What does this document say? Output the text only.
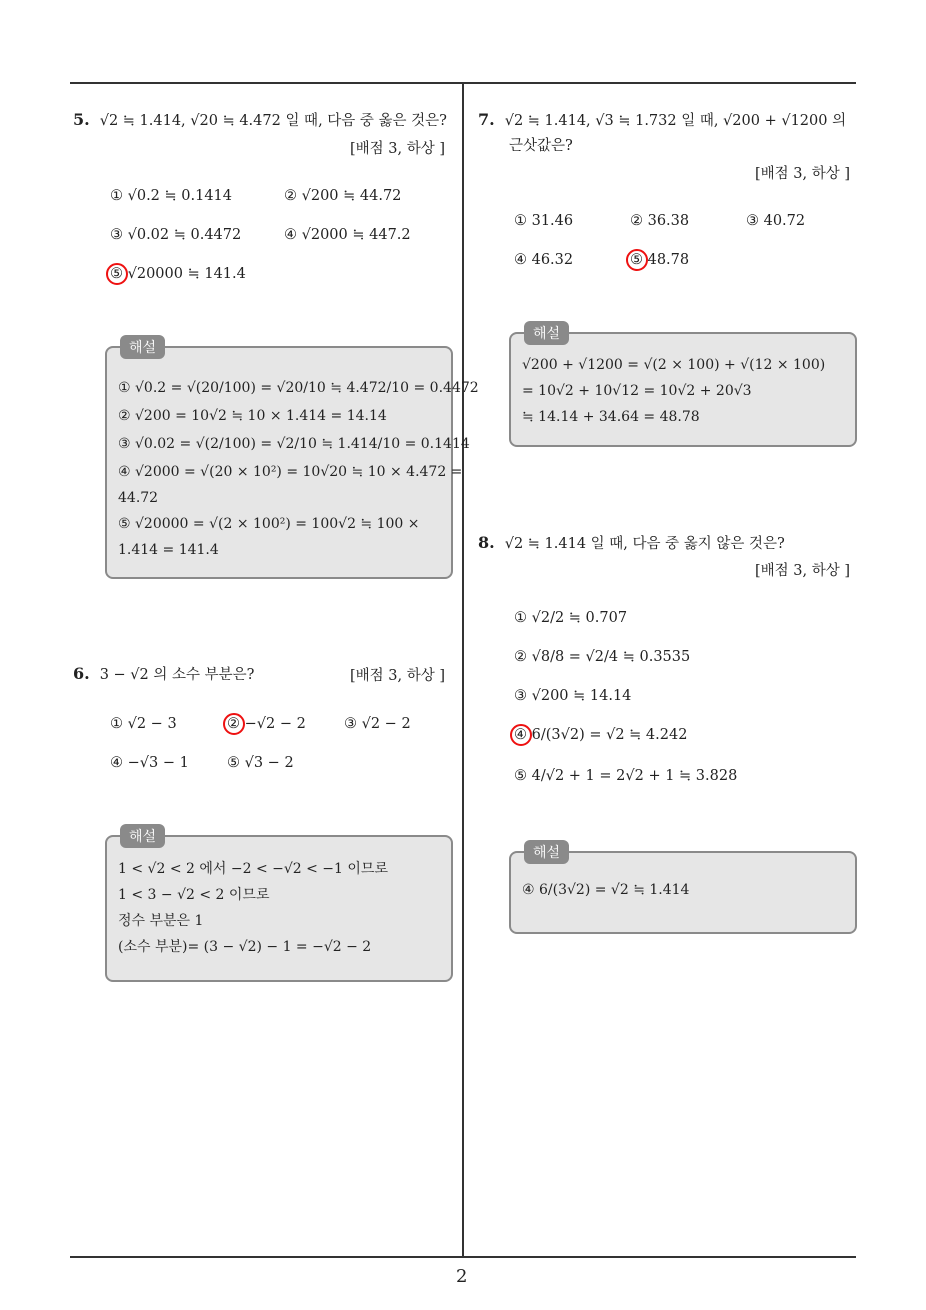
2
5. √2 ≒ 1.414, √20 ≒ 4.472 일 때, 다음 중 옳은 것은?
[배점 3, 하상 ]
① √0.2 ≒ 0.1414	② √200 ≒ 44.72
③ √0.02 ≒ 0.4472	④ √2000 ≒ 447.2
⑤ √20000 ≒ 141.4
해설
① √0.2 = √(20/100) = √20/10 ≒ 4.472/10 = 0.4472
② √200 = 10√2 ≒ 10 × 1.414 = 14.14
③ √0.02 = √(2/100) = √2/10 ≒ 1.414/10 = 0.1414
④ √2000 = √(20 × 10²) = 10√20 ≒ 10 × 4.472 =
44.72
⑤ √20000 = √(2 × 100²) = 100√2 ≒ 100 ×
1.414 = 141.4
6. 3 − √2 의 소수 부분은?	[배점 3, 하상 ]
① √2 − 3	② −√2 − 2	③ √2 − 2
④ −√3 − 1	⑤ √3 − 2
해설
1 < √2 < 2 에서 −2 < −√2 < −1 이므로
1 < 3 − √2 < 2 이므로
정수 부분은 1
(소수 부분)= (3 − √2) − 1 = −√2 − 2
7. √2 ≒ 1.414, √3 ≒ 1.732 일 때, √200 + √1200 의
근삿값은?
[배점 3, 하상 ]
① 31.46	② 36.38	③ 40.72
④ 46.32	⑤ 48.78
해설
√200 + √1200 = √(2 × 100) + √(12 × 100)
= 10√2 + 10√12 = 10√2 + 20√3
≒ 14.14 + 34.64 = 48.78
8. √2 ≒ 1.414 일 때, 다음 중 옳지 않은 것은?
[배점 3, 하상 ]
① √2/2 ≒ 0.707
② √8/8 = √2/4 ≒ 0.3535
③ √200 ≒ 14.14
④ 6/(3√2) = √2 ≒ 4.242
⑤ 4/√2 + 1 = 2√2 + 1 ≒ 3.828
해설
④ 6/(3√2) = √2 ≒ 1.414
